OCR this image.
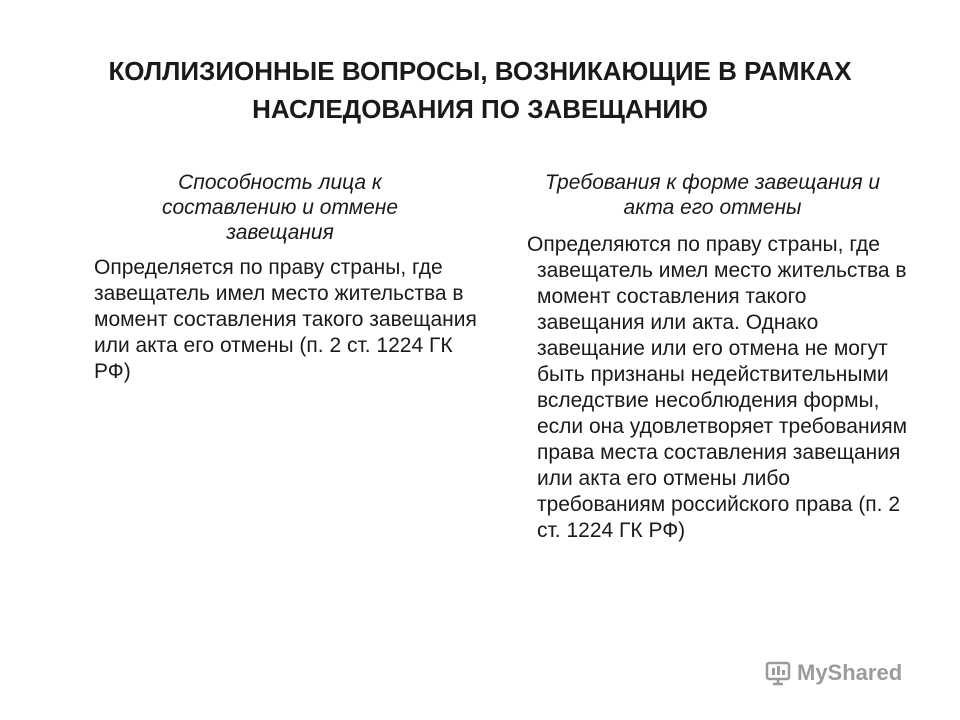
КОЛЛИЗИОННЫЕ ВОПРОСЫ, ВОЗНИКАЮЩИЕ В РАМКАХ НАСЛЕДОВАНИЯ ПО ЗАВЕЩАНИЮ

Способность лица к составлению и отмене завещания

Определяется по праву страны, где завещатель имел место жительства в момент составления такого завещания или акта его отмены (п. 2 ст. 1224 ГК РФ)

Требования к форме завещания и акта его отмены

Определяются по праву страны, где завещатель имел место жительства в момент составления такого завещания или акта. Однако завещание или его отмена не могут быть признаны недействительными вследствие несоблюдения формы, если она удовлетворяет требованиям права места составления завещания или акта его отмены либо требованиям российского права (п. 2 ст. 1224 ГК РФ)

MyShared
